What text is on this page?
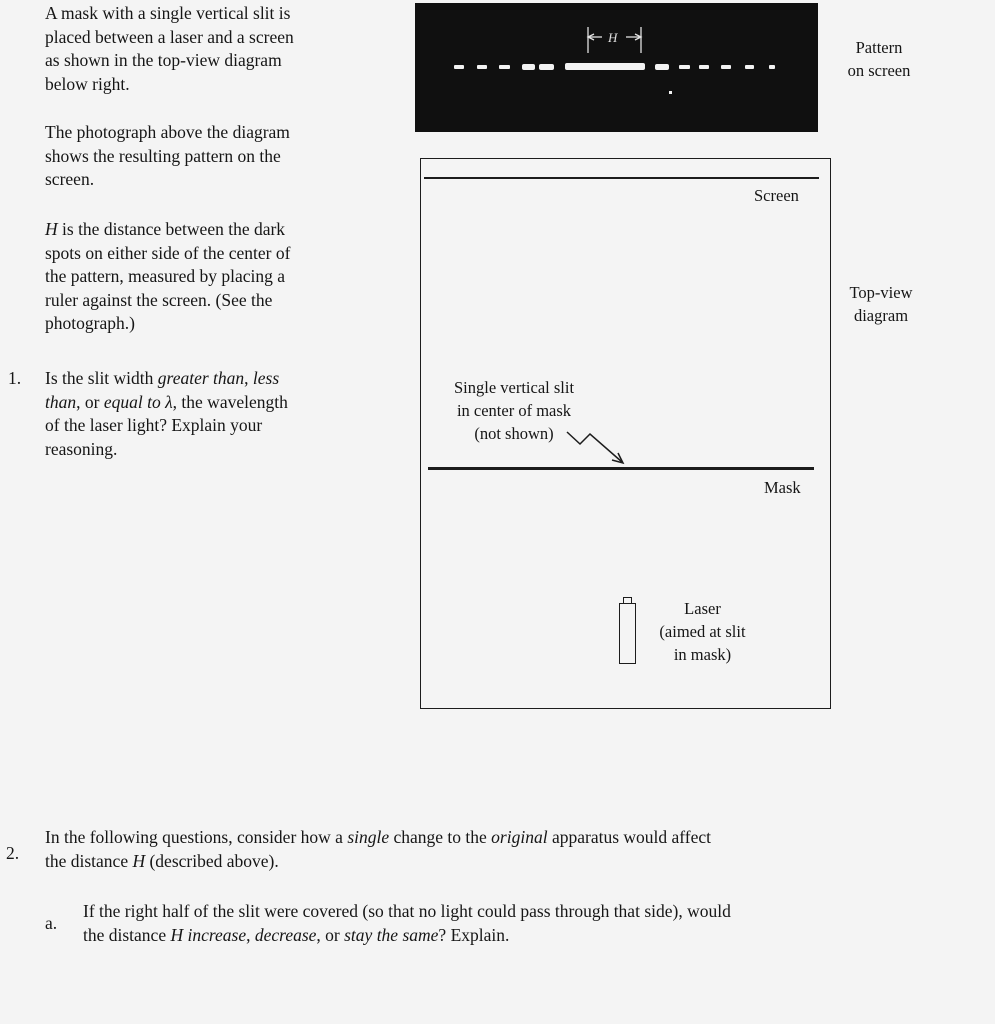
A mask with a single vertical slit is
placed between a laser and a screen
as shown in the top-view diagram
below right.
The photograph above the diagram
shows the resulting pattern on the
screen.
H is the distance between the dark
spots on either side of the center of
the pattern, measured by placing a
ruler against the screen. (See the
photograph.)
1. Is the slit width greater than, less
than, or equal to λ, the wavelength
of the laser light? Explain your
reasoning.
H
Pattern
on screen
Top-view
diagram
Screen
Mask
Single vertical slit
in center of mask
(not shown)
Laser
(aimed at slit
in mask)
2.
In the following questions, consider how a single change to the original apparatus would affect
the distance H (described above).
a.
If the right half of the slit were covered (so that no light could pass through that side), would
the distance H increase, decrease, or stay the same? Explain.
